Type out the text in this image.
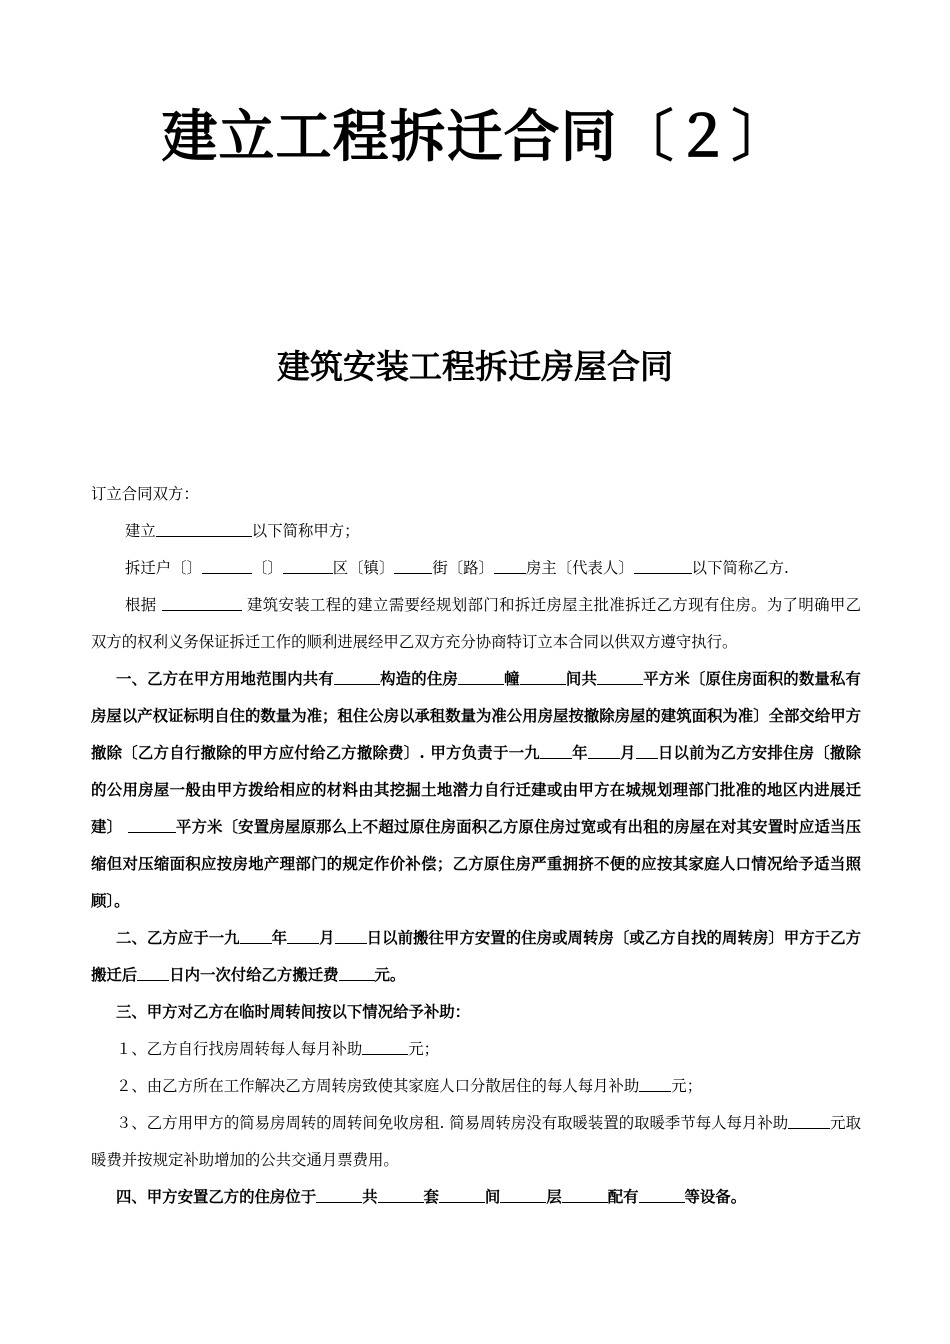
建立工程拆迁合同〔２〕
建筑安装工程拆迁房屋合同

订立合同双方：

建立	以下简称甲方；

拆迁户〔〕	〔〕	区〔镇〕 街〔路〕 房主〔代表人〕	以下简称乙方.

根据	建筑安装工程的建立需要经规划部门和拆迁房屋主批准拆迁乙方现有住房。为了明确甲乙双方的权利义务保证拆迁工作的顺利进展经甲乙双方充分协商特订立本合同以供双方遵守执行。

一、乙方在甲方用地范围内共有	构造的住房	幢	间共	平方米〔原住房面积的数量私有房屋以产权证标明自住的数量为准；租住公房以承租数量为准公用房屋按撤除房屋的建筑面积为准〕全部交给甲方撤除〔乙方自行撤除的甲方应付给乙方撤除费〕. 甲方负责于一九 年 月 日以前为乙方安排住房〔撤除的公用房屋一般由甲方拨给相应的材料由其挖掘土地潜力自行迁建或由甲方在城规划理部门批准的地区内进展迁建〕	平方米〔安置房屋原那么上不超过原住房面积乙方原住房过宽或有出租的房屋在对其安置时应适当压缩但对压缩面积应按房地产理部门的规定作价补偿；乙方原住房严重拥挤不便的应按其家庭人口情况给予适当照顾〕。

二、乙方应于一九 年 月 日以前搬往甲方安置的住房或周转房〔或乙方自找的周转房〕甲方于乙方搬迁后 日内一次付给乙方搬迁费 元。

三、甲方对乙方在临时周转间按以下情况给予补助：

１、乙方自行找房周转每人每月补助	元；

２、由乙方所在工作解决乙方周转房致使其家庭人口分散居住的每人每月补助 元；

３、乙方用甲方的简易房周转的周转间免收房租. 简易周转房没有取暖装置的取暖季节每人每月补助	元取暖费并按规定补助增加的公共交通月票费用。

四、甲方安置乙方的住房位于	共	套	间	层	配有	等设备。
